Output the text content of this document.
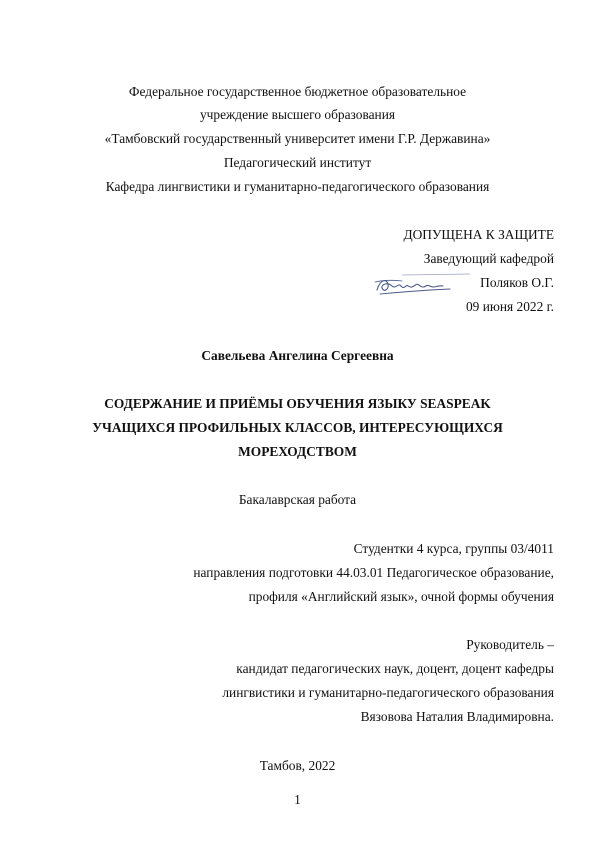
Федеральное государственное бюджетное образовательное
учреждение высшего образования
«Тамбовский государственный университет имени Г.Р. Державина»
Педагогический институт
Кафедра лингвистики и гуманитарно-педагогического образования
ДОПУЩЕНА К ЗАЩИТЕ
Заведующий кафедрой
Поляков О.Г.
09 июня 2022 г.
Савельева Ангелина Сергеевна
СОДЕРЖАНИЕ И ПРИЁМЫ ОБУЧЕНИЯ ЯЗЫКУ SEASPEAK
УЧАЩИХСЯ ПРОФИЛЬНЫХ КЛАССОВ, ИНТЕРЕСУЮЩИХСЯ
МОРЕХОДСТВОМ
Бакалаврская работа
Студентки 4 курса, группы 03/4011
направления подготовки 44.03.01 Педагогическое образование,
профиля «Английский язык», очной формы обучения
Руководитель –
кандидат педагогических наук, доцент, доцент кафедры
лингвистики и гуманитарно-педагогического образования
Вязовова Наталия Владимировна.
Тамбов, 2022
1
